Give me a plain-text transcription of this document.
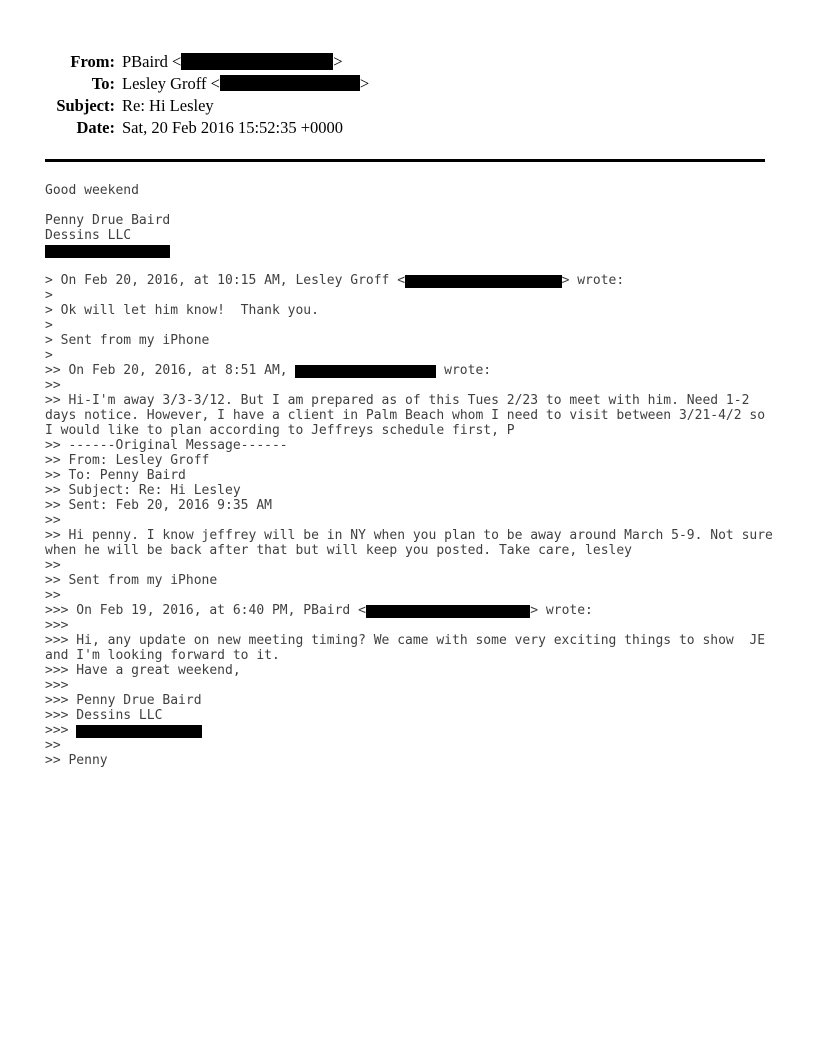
From: PBaird <	>
To: Lesley Groff <	>
Subject: Re: Hi Lesley
Date: Sat, 20 Feb 2016 15:52:35 +0000
Good weekend
Penny Drue Baird
Dessins LLC
> On Feb 20, 2016, at 10:15 AM, Lesley Groff <	> wrote:
>
> Ok will let him know!  Thank you.
>
> Sent from my iPhone
>
>> On Feb 20, 2016, at 8:51 AM,	wrote:
>>
>> Hi-I'm away 3/3-3/12. But I am prepared as of this Tues 2/23 to meet with him. Need 1-2
days notice. However, I have a client in Palm Beach whom I need to visit between 3/21-4/2 so
I would like to plan according to Jeffreys schedule first, P
>> ------Original Message------
>> From: Lesley Groff
>> To: Penny Baird
>> Subject: Re: Hi Lesley
>> Sent: Feb 20, 2016 9:35 AM
>>
>> Hi penny. I know jeffrey will be in NY when you plan to be away around March 5-9. Not sure
when he will be back after that but will keep you posted. Take care, lesley
>>
>> Sent from my iPhone
>>
>>> On Feb 19, 2016, at 6:40 PM, PBaird <	> wrote:
>>>
>>> Hi, any update on new meeting timing? We came with some very exciting things to show  JE
and I'm looking forward to it.
>>> Have a great weekend,
>>>
>>> Penny Drue Baird
>>> Dessins LLC
>>>
>>
>> Penny
